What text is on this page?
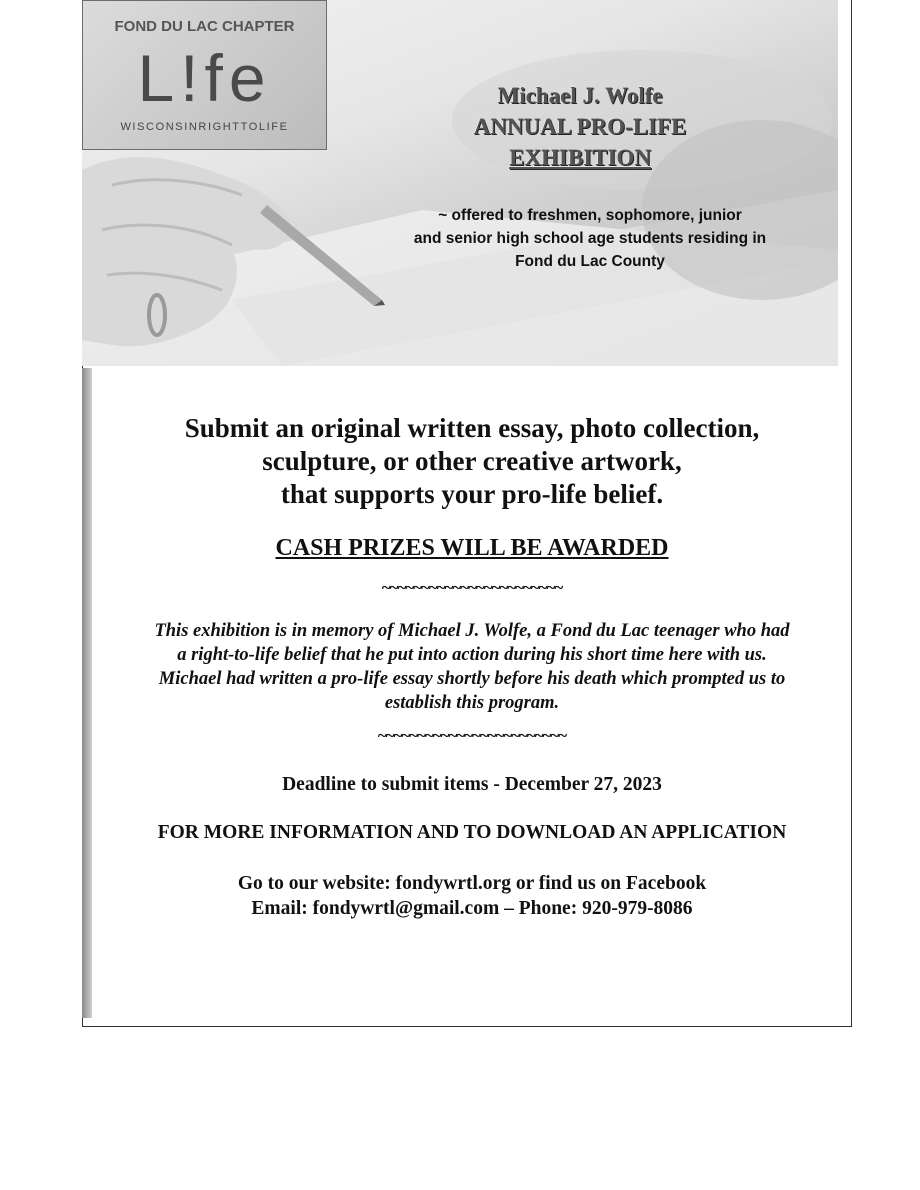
FOND DU LAC CHAPTER
L!fe
WISCONSINRIGHTTOLIFE
Michael J. Wolfe
ANNUAL PRO-LIFE
EXHIBITION
~ offered to freshmen, sophomore, junior
and senior high school age students residing in
Fond du Lac County
Submit an original written essay, photo collection,
sculpture, or other creative artwork,
that supports your pro-life belief.
CASH PRIZES WILL BE AWARDED
~~~~~~~~~~~~~~~~~~~~~~~
This exhibition is in memory of Michael J. Wolfe, a Fond du Lac teenager who had
a right-to-life belief that he put into action during his short time here with us.
Michael had written a pro-life essay shortly before his death which prompted us to
establish this program.
~~~~~~~~~~~~~~~~~~~~~~~~
Deadline to submit items - December 27, 2023
FOR MORE INFORMATION AND TO DOWNLOAD AN APPLICATION
Go to our website: fondywrtl.org or find us on Facebook
Email: fondywrtl@gmail.com – Phone: 920-979-8086
